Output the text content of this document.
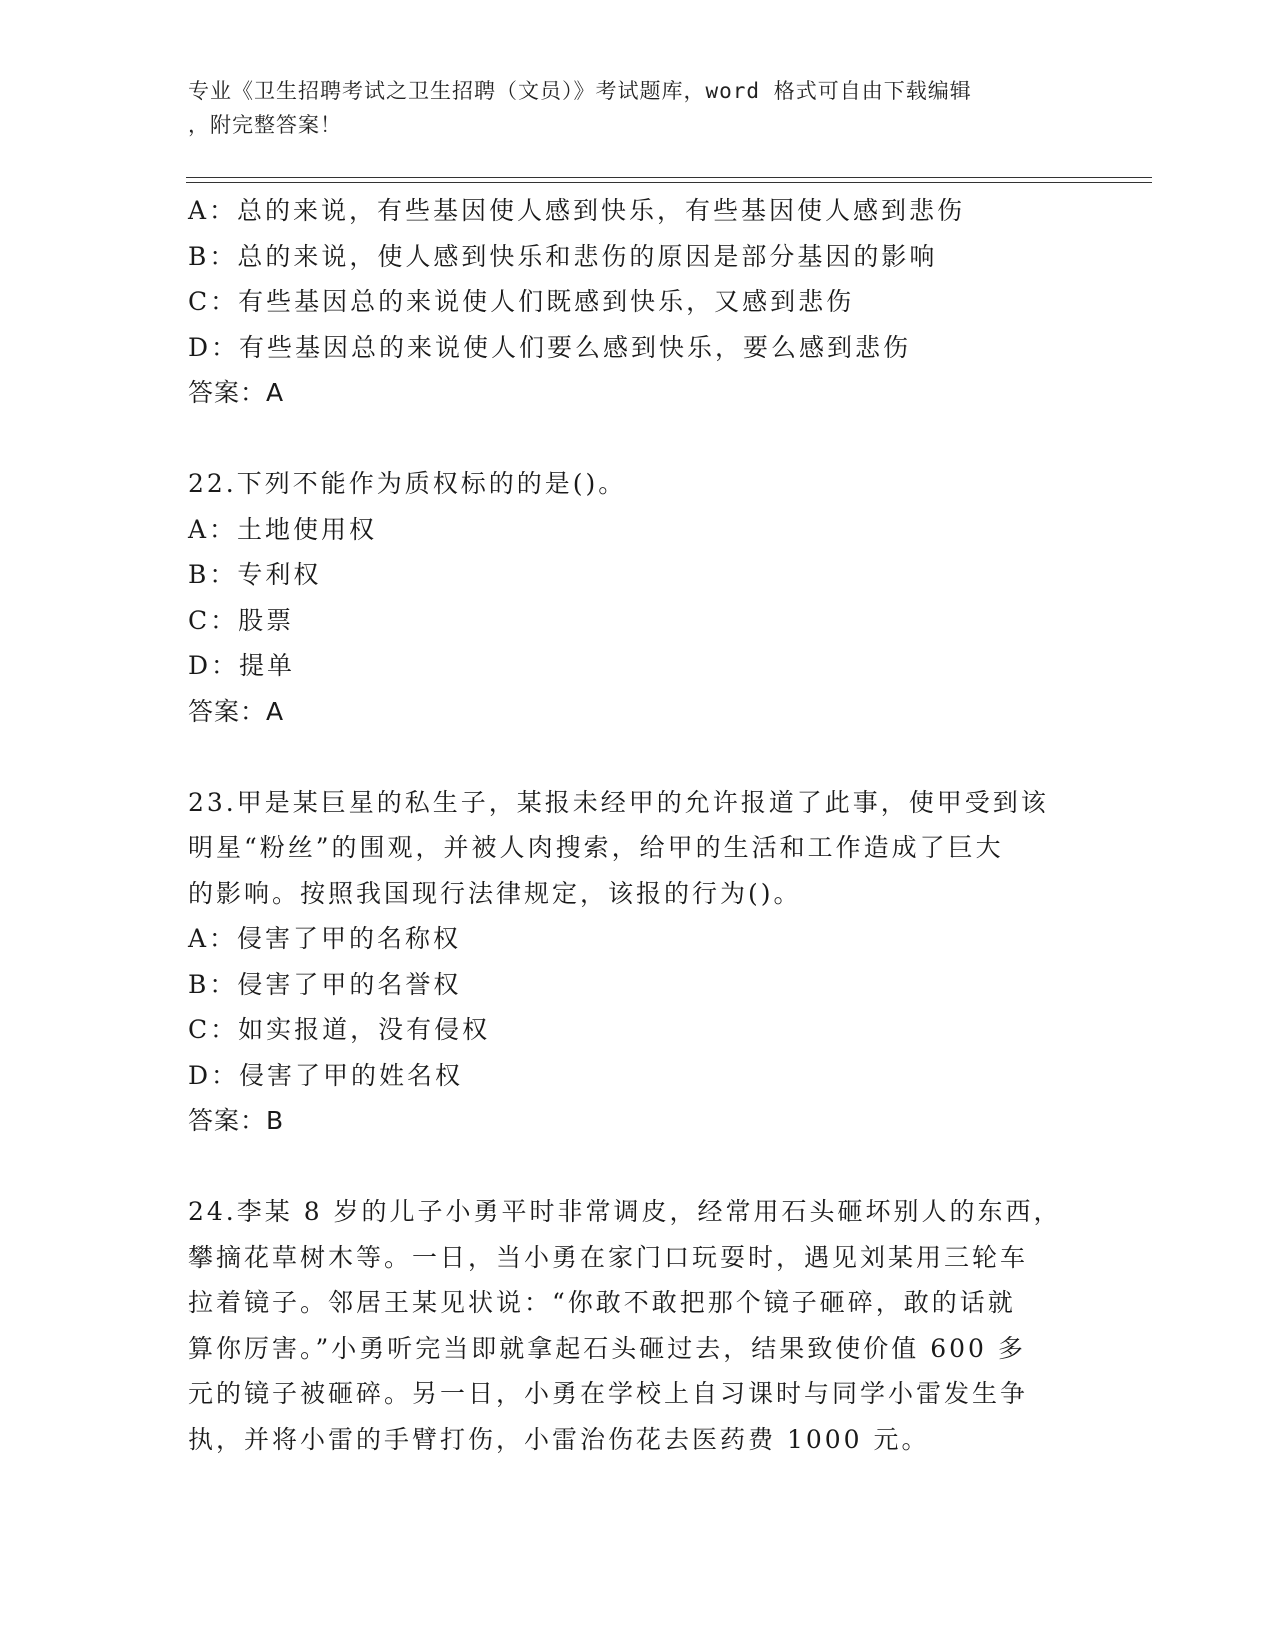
专业《卫生招聘考试之卫生招聘（文员）》考试题库，word 格式可自由下载编辑
，附完整答案！
A：总的来说，有些基因使人感到快乐，有些基因使人感到悲伤
B：总的来说，使人感到快乐和悲伤的原因是部分基因的影响
C：有些基因总的来说使人们既感到快乐，又感到悲伤
D：有些基因总的来说使人们要么感到快乐，要么感到悲伤
答案：A
22.下列不能作为质权标的的是()。
A：土地使用权
B：专利权
C：股票
D：提单
答案：A
23.甲是某巨星的私生子，某报未经甲的允许报道了此事，使甲受到该
明星“粉丝”的围观，并被人肉搜索，给甲的生活和工作造成了巨大
的影响。按照我国现行法律规定，该报的行为()。
A：侵害了甲的名称权
B：侵害了甲的名誉权
C：如实报道，没有侵权
D：侵害了甲的姓名权
答案：B
24.李某 8 岁的儿子小勇平时非常调皮，经常用石头砸坏别人的东西，
攀摘花草树木等。一日，当小勇在家门口玩耍时，遇见刘某用三轮车
拉着镜子。邻居王某见状说：“你敢不敢把那个镜子砸碎，敢的话就
算你厉害。”小勇听完当即就拿起石头砸过去，结果致使价值 600 多
元的镜子被砸碎。另一日，小勇在学校上自习课时与同学小雷发生争
执，并将小雷的手臂打伤，小雷治伤花去医药费 1000 元。
